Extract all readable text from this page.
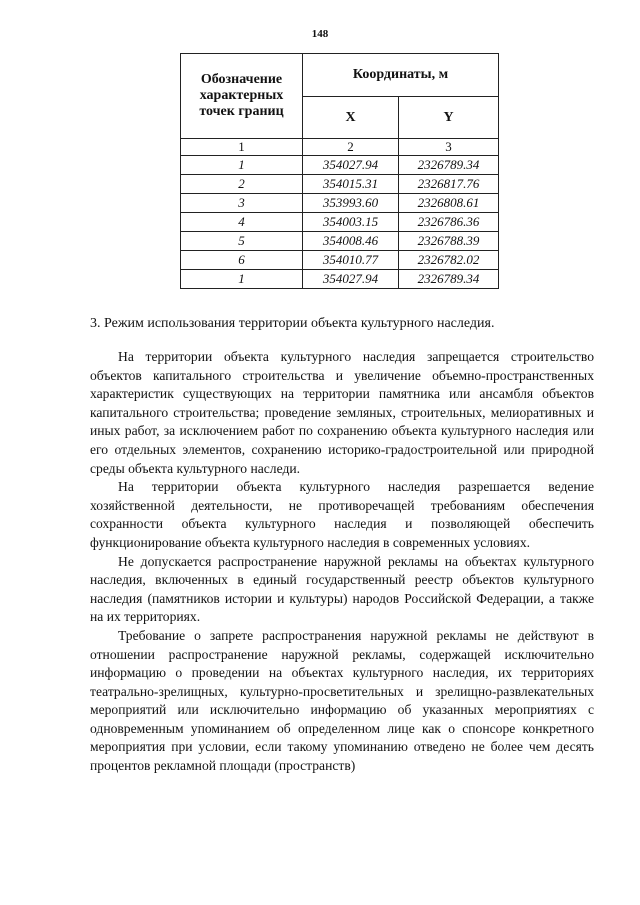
148
Обозначение характерных точек границ	Координаты, м	
	X	Y
1	2	3
1	354027.94	2326789.34
2	354015.31	2326817.76
3	353993.60	2326808.61
4	354003.15	2326786.36
5	354008.46	2326788.39
6	354010.77	2326782.02
1	354027.94	2326789.34
3. Режим использования территории объекта культурного наследия.

На территории объекта культурного наследия запрещается строительство объектов капитального строительства и увеличение объемно-пространственных характеристик существующих на территории памятника или ансамбля объектов капитального строительства; проведение земляных, строительных, мелиоративных и иных работ, за исключением работ по сохранению объекта культурного наследия или его отдельных элементов, сохранению историко-градостроительной или природной среды объекта культурного наследи.

На территории объекта культурного наследия разрешается ведение хозяйственной деятельности, не противоречащей требованиям обеспечения сохранности объекта культурного наследия и позволяющей обеспечить функционирование объекта культурного наследия в современных условиях.

Не допускается распространение наружной рекламы на объектах культурного наследия, включенных в единый государственный реестр объектов культурного наследия (памятников истории и культуры) народов Российской Федерации, а также на их территориях.

Требование о запрете распространения наружной рекламы не действуют в отношении распространение наружной рекламы, содержащей исключительно информацию о проведении на объектах культурного наследия, их территориях театрально-зрелищных, культурно-просветительных и зрелищно-развлекательных мероприятий или исключительно информацию об указанных мероприятиях с одновременным упоминанием об определенном лице как о спонсоре конкретного мероприятия при условии, если такому упоминанию отведено не более чем десять процентов рекламной площади (пространств)
